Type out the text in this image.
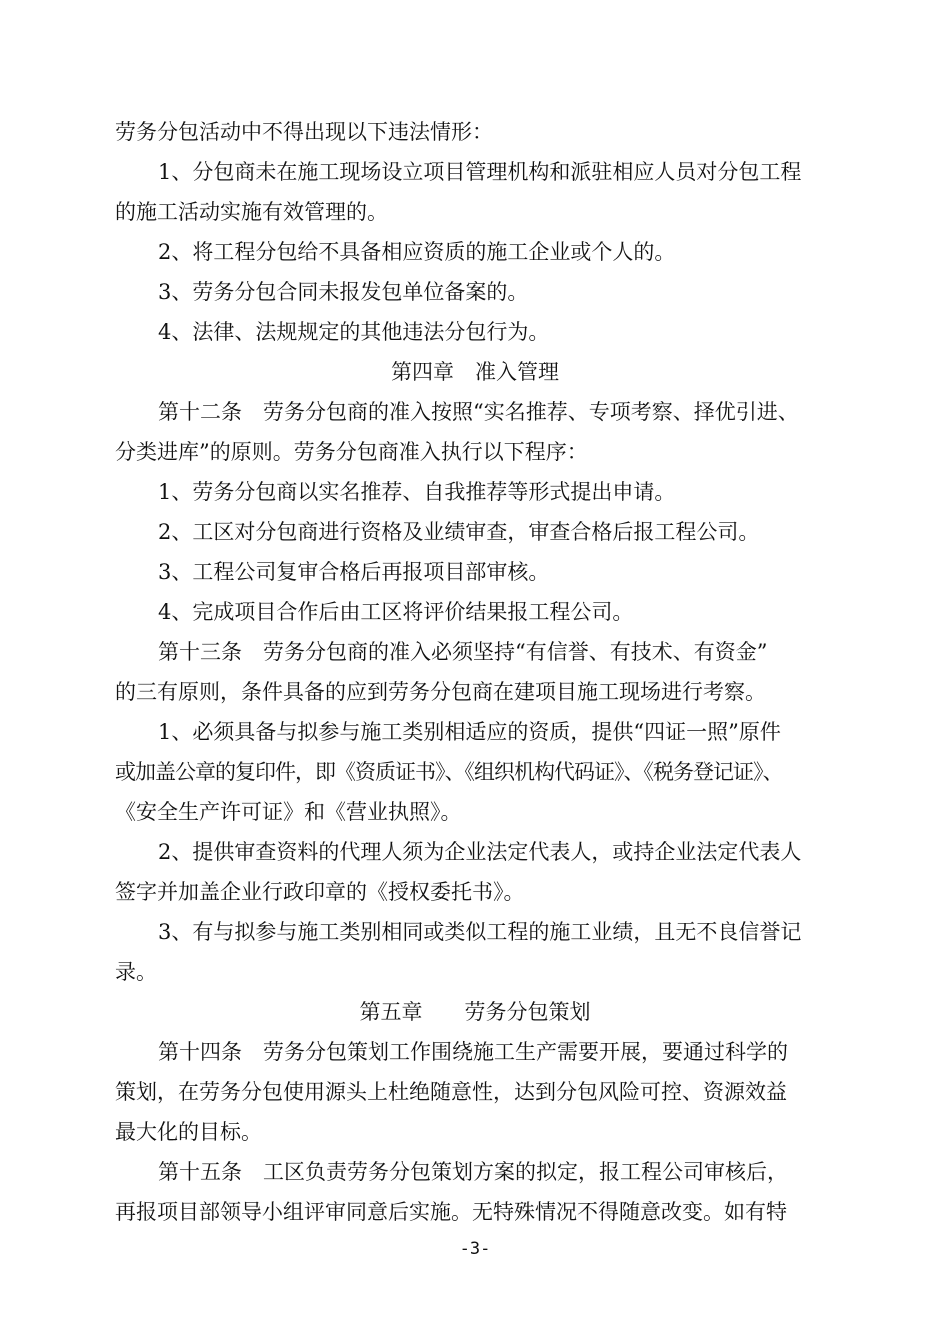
劳务分包活动中不得出现以下违法情形：
1、分包商未在施工现场设立项目管理机构和派驻相应人员对分包工程
的施工活动实施有效管理的。
2、将工程分包给不具备相应资质的施工企业或个人的。
3、劳务分包合同未报发包单位备案的。
4、法律、法规规定的其他违法分包行为。
第四章　准入管理
第十二条　劳务分包商的准入按照“实名推荐、专项考察、择优引进、
分类进库”的原则。劳务分包商准入执行以下程序：
1、劳务分包商以实名推荐、自我推荐等形式提出申请。
2、工区对分包商进行资格及业绩审查，审查合格后报工程公司。
3、工程公司复审合格后再报项目部审核。
4、完成项目合作后由工区将评价结果报工程公司。
第十三条　劳务分包商的准入必须坚持“有信誉、有技术、有资金”
的三有原则，条件具备的应到劳务分包商在建项目施工现场进行考察。
1、必须具备与拟参与施工类别相适应的资质，提供“四证一照”原件
或加盖公章的复印件，即《资质证书》、《组织机构代码证》、《税务登记证》、
《安全生产许可证》和《营业执照》。
2、提供审查资料的代理人须为企业法定代表人，或持企业法定代表人
签字并加盖企业行政印章的《授权委托书》。
3、有与拟参与施工类别相同或类似工程的施工业绩，且无不良信誉记
录。
第五章　　劳务分包策划
第十四条　劳务分包策划工作围绕施工生产需要开展，要通过科学的
策划，在劳务分包使用源头上杜绝随意性，达到分包风险可控、资源效益
最大化的目标。
第十五条　工区负责劳务分包策划方案的拟定，报工程公司审核后，
再报项目部领导小组评审同意后实施。无特殊情况不得随意改变。如有特
-3-
